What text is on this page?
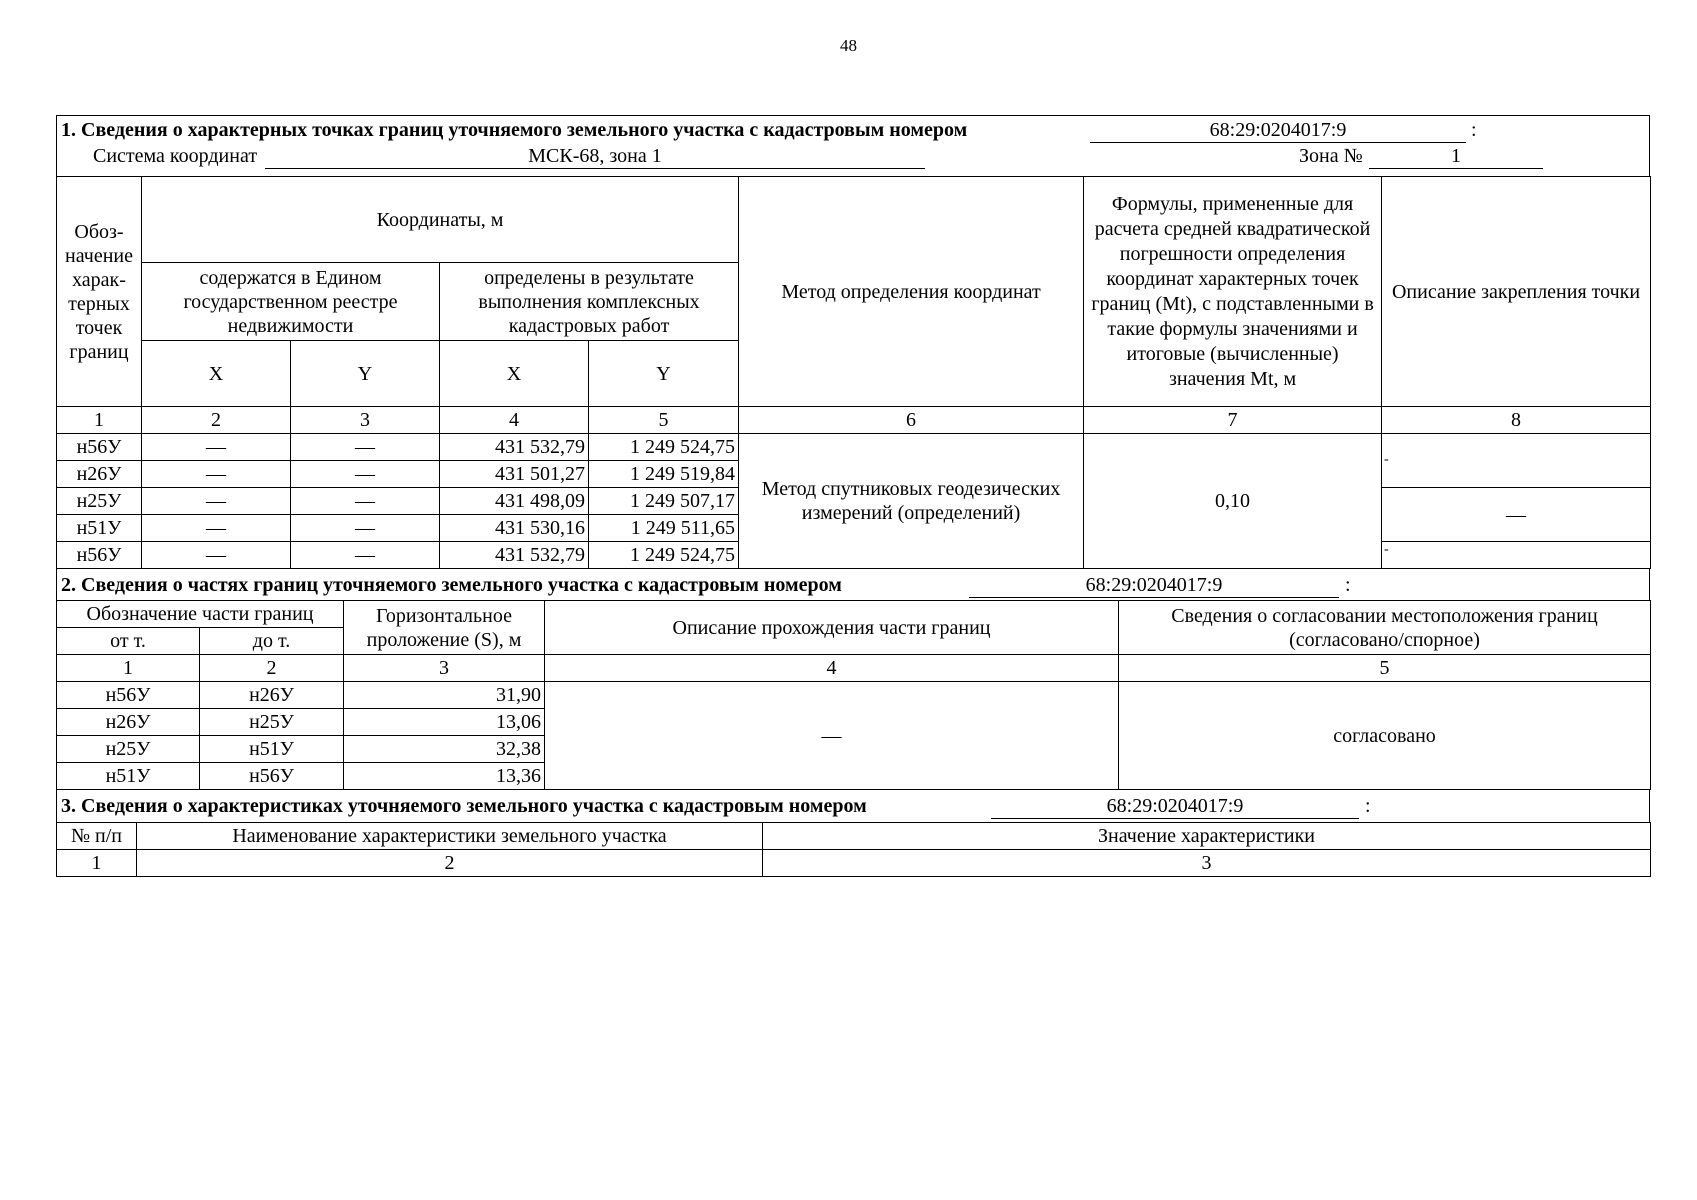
48
1. Сведения о характерных точках границ уточняемого земельного участка с кадастровым номером	68:29:0204017:9	:
Система координат	МСК-68, зона 1	Зона №	1
Обоз-начение харак-терных точек границ	Координаты, м				Метод определения координат	Формулы, примененные для расчета средней квадратической погрешности определения координат характерных точек границ (Mt), с подставленными в такие формулы значениями и итоговые (вычисленные) значения Mt, м	Описание закрепления точки
	содержатся в Едином государственном реестре недвижимости		определены в результате выполнения комплексных кадастровых работ				
	X	Y	X	Y			
1	2	3	4	5	6	7	8
н56У	—	—	431 532,79	1 249 524,75	Метод спутниковых геодезических измерений (определений)	0,10	-
н26У	—	—	431 501,27	1 249 519,84			
н25У	—	—	431 498,09	1 249 507,17			—
н51У	—	—	431 530,16	1 249 511,65			
н56У	—	—	431 532,79	1 249 524,75			-
2. Сведения о частях границ уточняемого земельного участка с кадастровым номером	68:29:0204017:9	:
Обозначение части границ		Горизонтальное проложение (S), м	Описание прохождения части границ	Сведения о согласовании местоположения границ (согласовано/спорное)
от т.	до т.			
1	2	3	4	5
н56У	н26У	31,90	—	согласовано
н26У	н25У	13,06		
н25У	н51У	32,38		
н51У	н56У	13,36		
3. Сведения о характеристиках уточняемого земельного участка с кадастровым номером	68:29:0204017:9	:
№ п/п	Наименование характеристики земельного участка	Значение характеристики
1	2	3
